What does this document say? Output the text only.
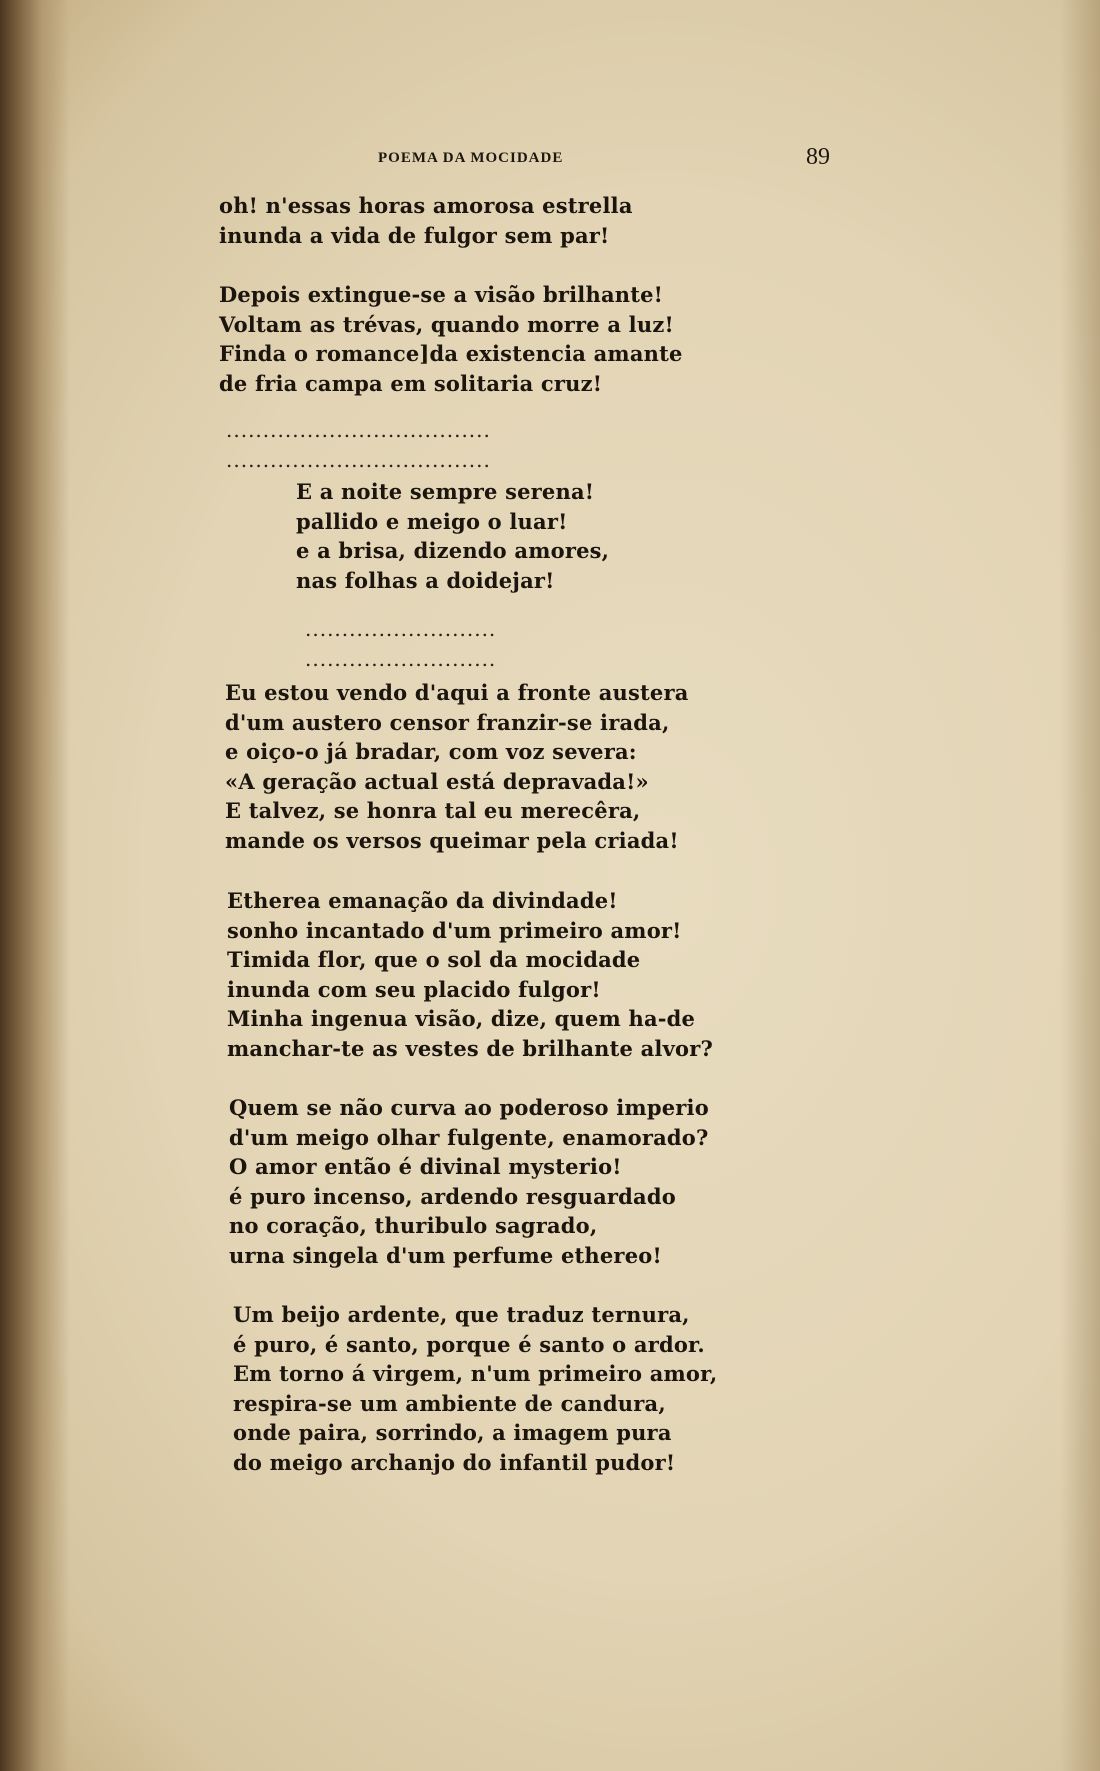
POEMA DA MOCIDADE	89
oh! n'essas horas amorosa estrella
inunda a vida de fulgor sem par!
Depois extingue-se a visão brilhante!
Voltam as trévas, quando morre a luz!
Finda o romance]da existencia amante
de fria campa em solitaria cruz!
....................................
....................................
E a noite sempre serena!
pallido e meigo o luar!
e a brisa, dizendo amores,
nas folhas a doidejar!
..........................
..........................
Eu estou vendo d'aqui a fronte austera
d'um austero censor franzir-se irada,
e oiço-o já bradar, com voz severa:
«A geração actual está depravada!»
E talvez, se honra tal eu merecêra,
mande os versos queimar pela criada!
Etherea emanação da divindade!
sonho incantado d'um primeiro amor!
Timida flor, que o sol da mocidade
inunda com seu placido fulgor!
Minha ingenua visão, dize, quem ha-de
manchar-te as vestes de brilhante alvor?
Quem se não curva ao poderoso imperio
d'um meigo olhar fulgente, enamorado?
O amor então é divinal mysterio!
é puro incenso, ardendo resguardado
no coração, thuribulo sagrado,
urna singela d'um perfume ethereo!
Um beijo ardente, que traduz ternura,
é puro, é santo, porque é santo o ardor.
Em torno á virgem, n'um primeiro amor,
respira-se um ambiente de candura,
onde paira, sorrindo, a imagem pura
do meigo archanjo do infantil pudor!
